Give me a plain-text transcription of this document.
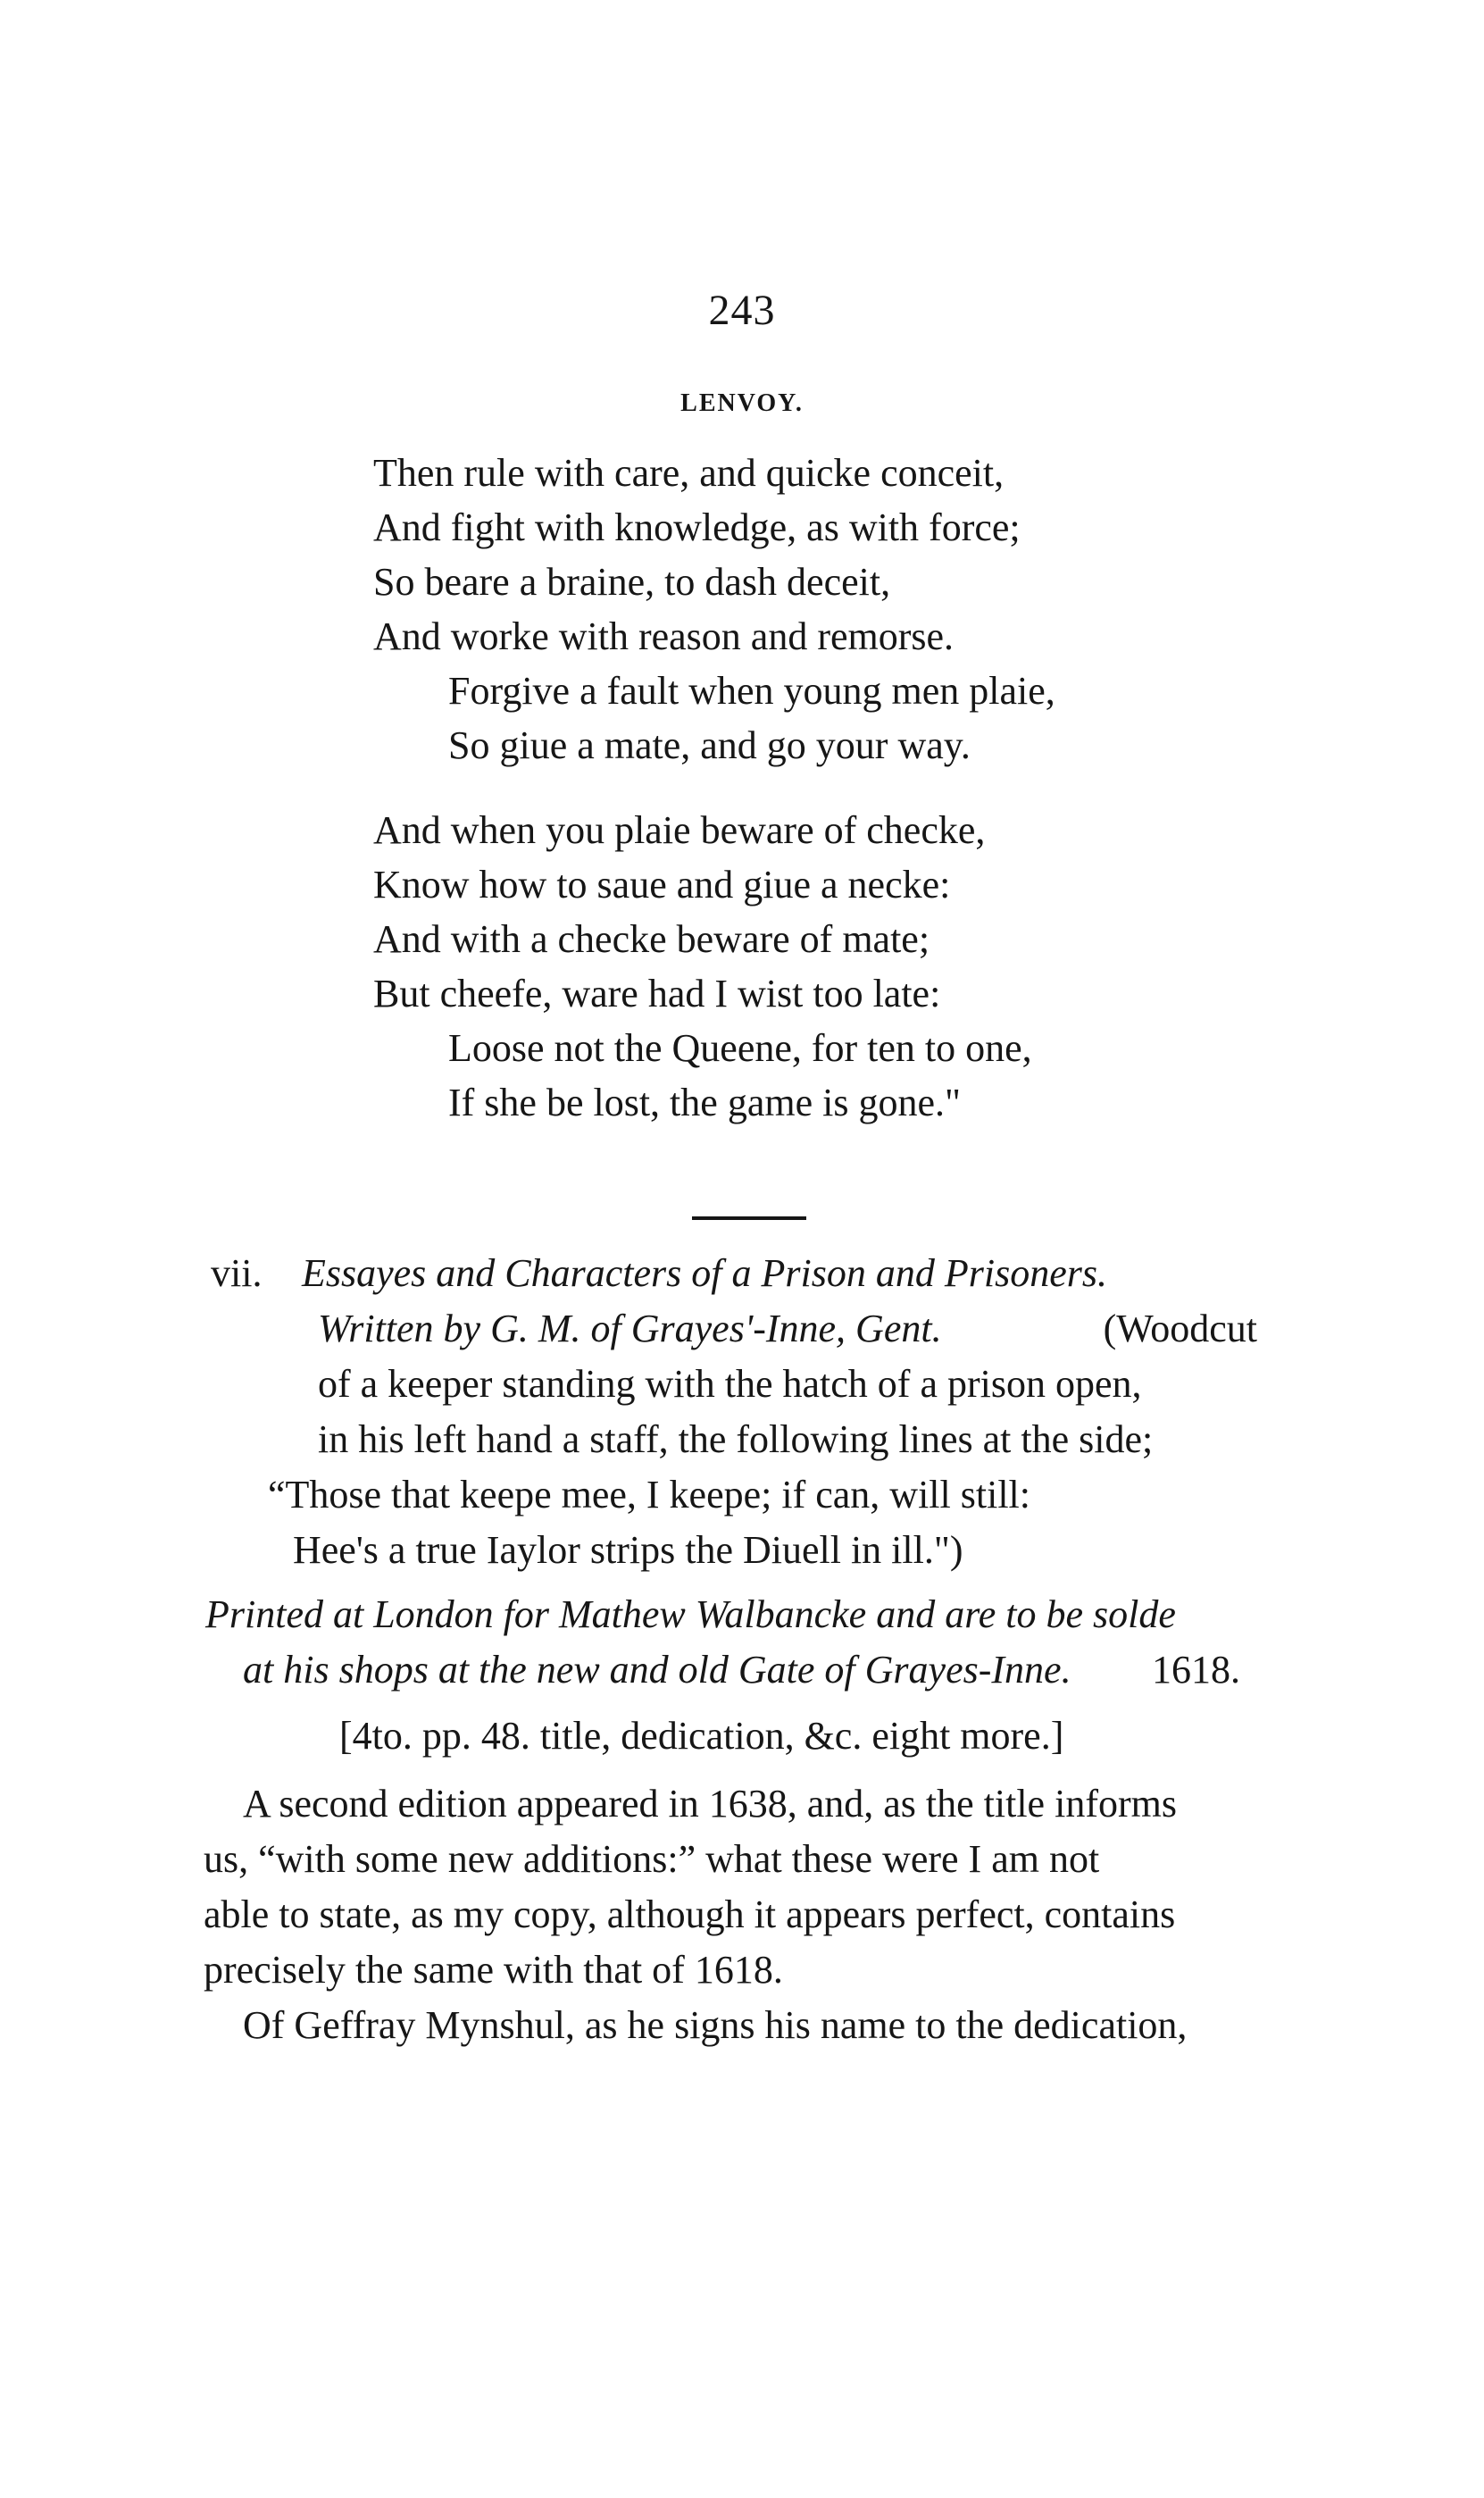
243
LENVOY.
Then rule with care, and quicke conceit,
And fight with knowledge, as with force;
So beare a braine, to dash deceit,
And worke with reason and remorse.
Forgive a fault when young men plaie,
So giue a mate, and go your way.
And when you plaie beware of checke,
Know how to saue and giue a necke:
And with a checke beware of mate;
But cheefe, ware had I wist too late:
Loose not the Queene, for ten to one,
If she be lost, the game is gone."
vii. Essayes and Characters of a Prison and Prisoners.
Written by G. M. of Grayes'-Inne, Gent.	(Woodcut
of a keeper standing with the hatch of a prison open,
in his left hand a staff, the following lines at the side;
“Those that keepe mee, I keepe; if can, will still:
Hee's a true Iaylor strips the Diuell in ill.")
Printed at London for Mathew Walbancke and are to be solde
at his shops at the new and old Gate of Grayes-Inne. 1618.
[4to. pp. 48. title, dedication, &c. eight more.]
A second edition appeared in 1638, and, as the title informs
us, “with some new additions:” what these were I am not
able to state, as my copy, although it appears perfect, contains
precisely the same with that of 1618.
Of Geffray Mynshul, as he signs his name to the dedication,
